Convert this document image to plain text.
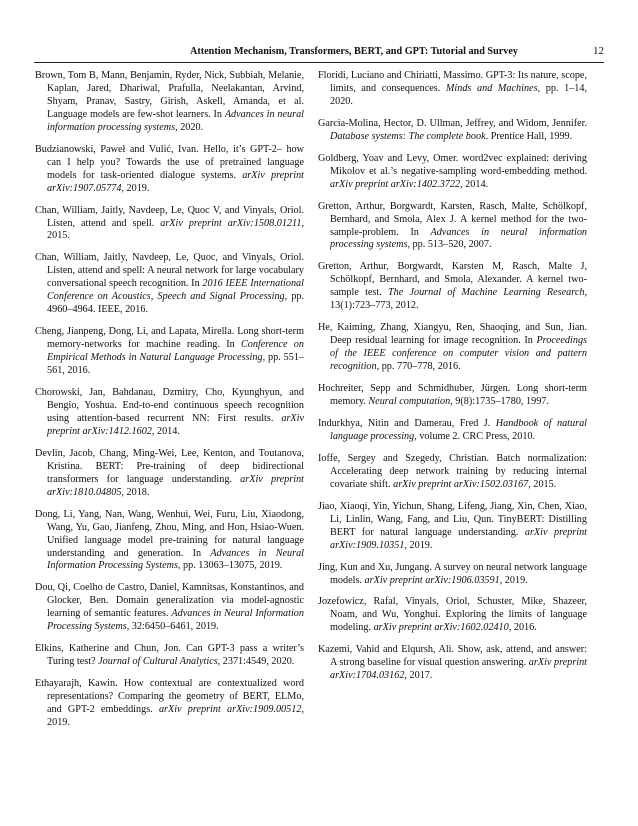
Attention Mechanism, Transformers, BERT, and GPT: Tutorial and Survey	12

Brown, Tom B, Mann, Benjamin, Ryder, Nick, Subbiah, Melanie, Kaplan, Jared, Dhariwal, Prafulla, Neelakantan, Arvind, Shyam, Pranav, Sastry, Girish, Askell, Amanda, et al. Language models are few-shot learners. In Advances in neural information processing systems, 2020.

Budzianowski, Paweł and Vulić, Ivan. Hello, it’s GPT-2– how can I help you? Towards the use of pretrained language models for task-oriented dialogue systems. arXiv preprint arXiv:1907.05774, 2019.

Chan, William, Jaitly, Navdeep, Le, Quoc V, and Vinyals, Oriol. Listen, attend and spell. arXiv preprint arXiv:1508.01211, 2015.

Chan, William, Jaitly, Navdeep, Le, Quoc, and Vinyals, Oriol. Listen, attend and spell: A neural network for large vocabulary conversational speech recognition. In 2016 IEEE International Conference on Acoustics, Speech and Signal Processing, pp. 4960–4964. IEEE, 2016.

Cheng, Jianpeng, Dong, Li, and Lapata, Mirella. Long short-term memory-networks for machine reading. In Conference on Empirical Methods in Natural Language Processing, pp. 551–561, 2016.

Chorowski, Jan, Bahdanau, Dzmitry, Cho, Kyunghyun, and Bengio, Yoshua. End-to-end continuous speech recognition using attention-based recurrent NN: First results. arXiv preprint arXiv:1412.1602, 2014.

Devlin, Jacob, Chang, Ming-Wei, Lee, Kenton, and Toutanova, Kristina. BERT: Pre-training of deep bidirectional transformers for language understanding. arXiv preprint arXiv:1810.04805, 2018.

Dong, Li, Yang, Nan, Wang, Wenhui, Wei, Furu, Liu, Xiaodong, Wang, Yu, Gao, Jianfeng, Zhou, Ming, and Hon, Hsiao-Wuen. Unified language model pre-training for natural language understanding and generation. In Advances in Neural Information Processing Systems, pp. 13063–13075, 2019.

Dou, Qi, Coelho de Castro, Daniel, Kamnitsas, Konstantinos, and Glocker, Ben. Domain generalization via model-agnostic learning of semantic features. Advances in Neural Information Processing Systems, 32:6450–6461, 2019.

Elkins, Katherine and Chun, Jon. Can GPT-3 pass a writer’s Turing test? Journal of Cultural Analytics, 2371:4549, 2020.

Ethayarajh, Kawin. How contextual are contextualized word representations? Comparing the geometry of BERT, ELMo, and GPT-2 embeddings. arXiv preprint arXiv:1909.00512, 2019.

Floridi, Luciano and Chiriatti, Massimo. GPT-3: Its nature, scope, limits, and consequences. Minds and Machines, pp. 1–14, 2020.

Garcia-Molina, Hector, D. Ullman, Jeffrey, and Widom, Jennifer. Database systems: The complete book. Prentice Hall, 1999.

Goldberg, Yoav and Levy, Omer. word2vec explained: deriving Mikolov et al.’s negative-sampling word-embedding method. arXiv preprint arXiv:1402.3722, 2014.

Gretton, Arthur, Borgwardt, Karsten, Rasch, Malte, Schölkopf, Bernhard, and Smola, Alex J. A kernel method for the two-sample-problem. In Advances in neural information processing systems, pp. 513–520, 2007.

Gretton, Arthur, Borgwardt, Karsten M, Rasch, Malte J, Schölkopf, Bernhard, and Smola, Alexander. A kernel two-sample test. The Journal of Machine Learning Research, 13(1):723–773, 2012.

He, Kaiming, Zhang, Xiangyu, Ren, Shaoqing, and Sun, Jian. Deep residual learning for image recognition. In Proceedings of the IEEE conference on computer vision and pattern recognition, pp. 770–778, 2016.

Hochreiter, Sepp and Schmidhuber, Jürgen. Long short-term memory. Neural computation, 9(8):1735–1780, 1997.

Indurkhya, Nitin and Damerau, Fred J. Handbook of natural language processing, volume 2. CRC Press, 2010.

Ioffe, Sergey and Szegedy, Christian. Batch normalization: Accelerating deep network training by reducing internal covariate shift. arXiv preprint arXiv:1502.03167, 2015.

Jiao, Xiaoqi, Yin, Yichun, Shang, Lifeng, Jiang, Xin, Chen, Xiao, Li, Linlin, Wang, Fang, and Liu, Qun. TinyBERT: Distilling BERT for natural language understanding. arXiv preprint arXiv:1909.10351, 2019.

Jing, Kun and Xu, Jungang. A survey on neural network language models. arXiv preprint arXiv:1906.03591, 2019.

Jozefowicz, Rafal, Vinyals, Oriol, Schuster, Mike, Shazeer, Noam, and Wu, Yonghui. Exploring the limits of language modeling. arXiv preprint arXiv:1602.02410, 2016.

Kazemi, Vahid and Elqursh, Ali. Show, ask, attend, and answer: A strong baseline for visual question answering. arXiv preprint arXiv:1704.03162, 2017.
